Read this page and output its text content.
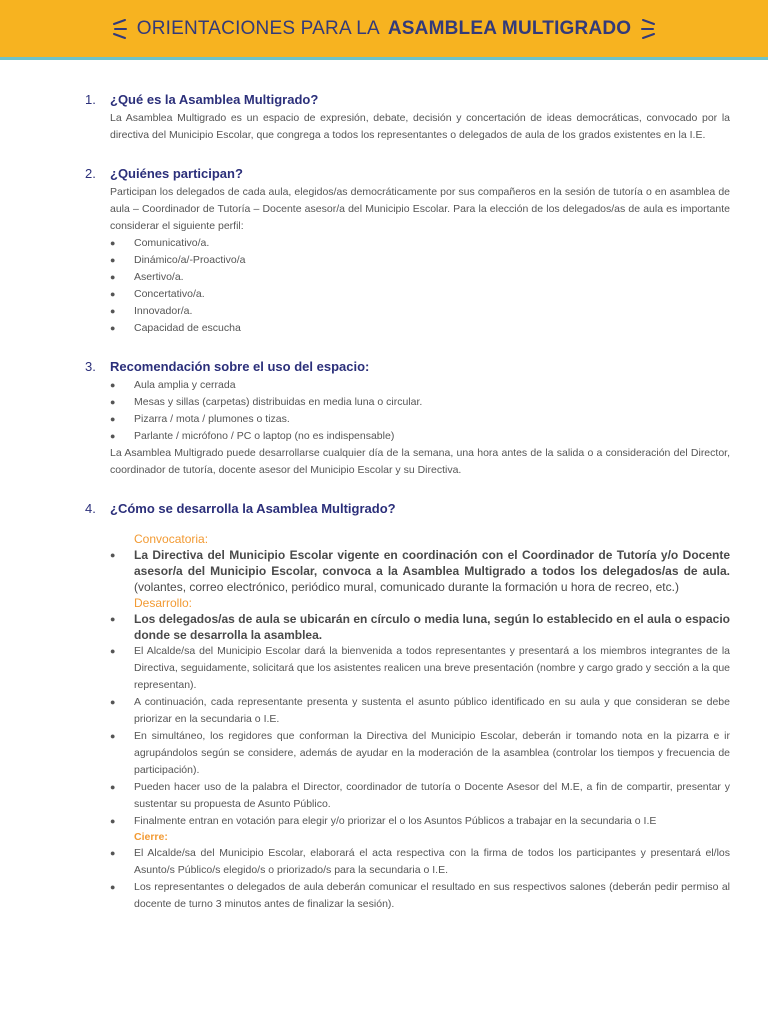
ORIENTACIONES PARA LA ASAMBLEA MULTIGRADO
1.	¿Qué es la Asamblea Multigrado?
La Asamblea Multigrado es un espacio de expresión, debate, decisión y concertación de ideas democráticas, convocado por la directiva del Municipio Escolar, que congrega a todos los representantes o delegados de aula de los grados existentes en la I.E.
2.	¿Quiénes participan?
Participan los delegados de cada aula, elegidos/as democráticamente por sus compañeros en la sesión de tutoría o en asamblea de aula – Coordinador de Tutoría – Docente asesor/a del Municipio Escolar. Para la elección de los delegados/as de aula es importante considerar el siguiente perfil:
●	Comunicativo/a.
●	Dinámico/a/-Proactivo/a
●	Asertivo/a.
●	Concertativo/a.
●	Innovador/a.
●	Capacidad de escucha
3.	Recomendación sobre el uso del espacio:
●	Aula amplia y cerrada
●	Mesas y sillas (carpetas) distribuidas en media luna o circular.
●	Pizarra / mota / plumones o tizas.
●	Parlante / micrófono / PC o laptop (no es indispensable)
La Asamblea Multigrado puede desarrollarse cualquier día de la semana, una hora antes de la salida o a consideración del Director, coordinador de tutoría, docente asesor del Municipio Escolar y su Directiva.
4.	¿Cómo se desarrolla la Asamblea Multigrado?
Convocatoria:
●	La Directiva del Municipio Escolar vigente en coordinación con el Coordinador de Tutoría y/o Docente asesor/a del Municipio Escolar, convoca a la Asamblea Multigrado a todos los delegados/as de aula. (volantes, correo electrónico, periódico mural, comunicado durante la formación u hora de recreo, etc.)
Desarrollo:
●	Los delegados/as de aula se ubicarán en círculo o media luna, según lo establecido en el aula o espacio donde se desarrolla la asamblea.
●	El Alcalde/sa del Municipio Escolar dará la bienvenida a todos representantes y presentará a los miembros integrantes de la Directiva, seguidamente, solicitará que los asistentes realicen una breve presentación (nombre y cargo grado y sección a la que representan).
●	A continuación, cada representante presenta y sustenta el asunto público identificado en su aula y que consideran se debe priorizar en la secundaria o I.E.
●	En simultáneo, los regidores que conforman la Directiva del Municipio Escolar, deberán ir tomando nota en la pizarra e ir agrupándolos según se considere, además de ayudar en la moderación de la asamblea (controlar los tiempos y frecuencia de participación).
●	Pueden hacer uso de la palabra el Director, coordinador de tutoría o Docente Asesor del M.E, a fin de compartir, presentar y sustentar su propuesta de Asunto Público.
●	Finalmente entran en votación para elegir y/o priorizar el o los Asuntos Públicos a trabajar en la secundaria o I.E
Cierre:
●	El Alcalde/sa del Municipio Escolar, elaborará el acta respectiva con la firma de todos los participantes y presentará el/los Asunto/s Público/s elegido/s o priorizado/s para la secundaria o I.E.
●	Los representantes o delegados de aula deberán comunicar el resultado en sus respectivos salones (deberán pedir permiso al docente de turno 3 minutos antes de finalizar la sesión).
